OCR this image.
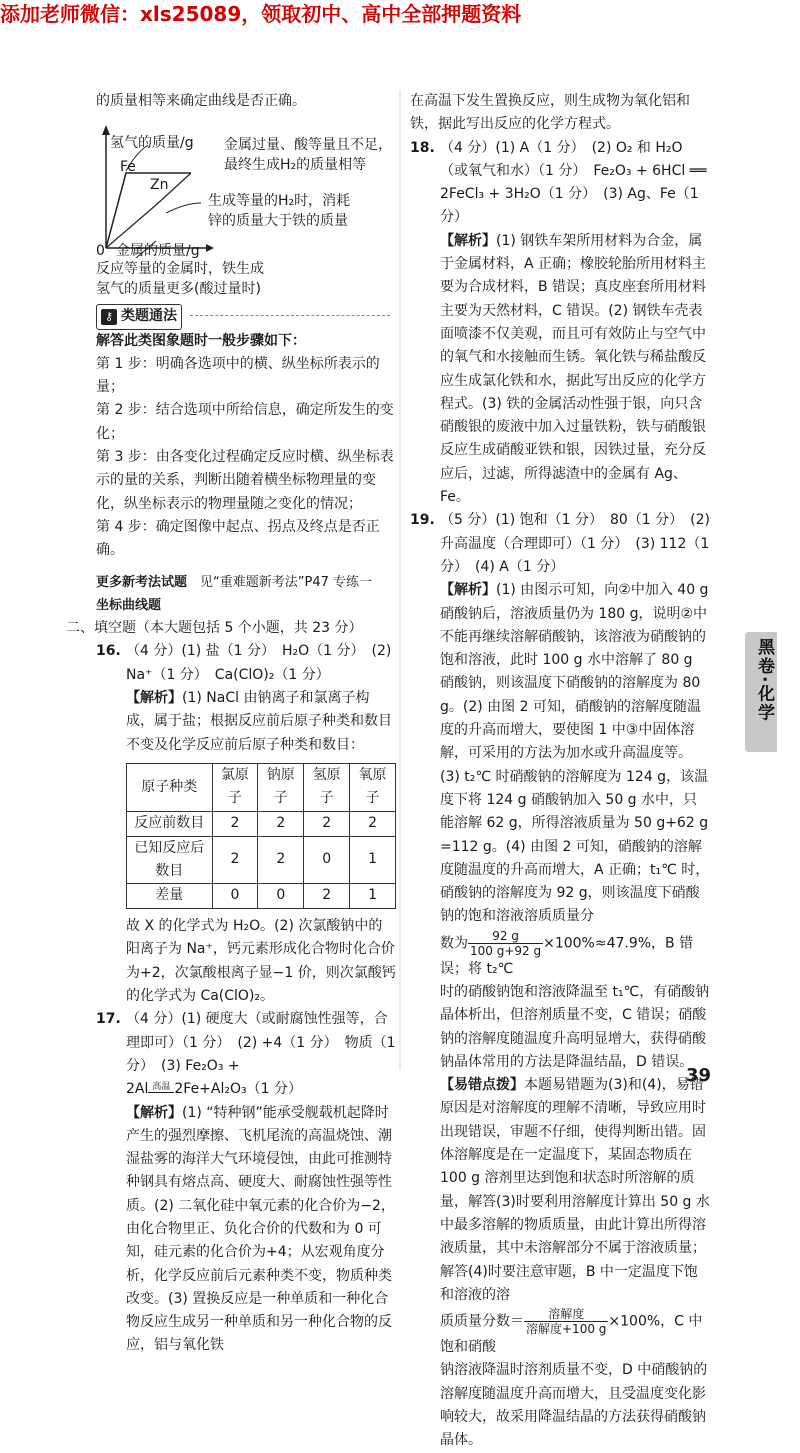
添加老师微信：xls25089，领取初中、高中全部押题资料

的质量相等来确定曲线是否正确。

氢气的质量/g
Fe
Zn
金属过量、酸等量且不足，
最终生成H₂的质量相等
生成等量的H₂时，消耗
锌的质量大于铁的质量
0 金属的质量/g
反应等量的金属时，铁生成
氢气的质量更多(酸过量时)
⚷ 类题通法

解答此类图象题时一般步骤如下：

第 1 步：明确各选项中的横、纵坐标所表示的量；

第 2 步：结合选项中所给信息，确定所发生的变化；

第 3 步：由各变化过程确定反应时横、纵坐标表示的量的关系，判断出随着横坐标物理量的变化，纵坐标表示的物理量随之变化的情况；

第 4 步：确定图像中起点、拐点及终点是否正确。

更多新考法试题　 见“重难题新考法”P47 专练一
坐标曲线题

二、填空题（本大题包括 5 个小题，共 23 分）

16. （4 分）(1) 盐（1 分）　H₂O（1 分）　(2) Na⁺（1 分）　Ca(ClO)₂（1 分）

【解析】(1) NaCl 由钠离子和氯离子构成，属于盐；根据反应前后原子种类和数目不变及化学反应前后原子种类和数目：

原子种类	氯原子	钠原子	氢原子	氧原子
反应前数目	2	2	2	2
已知反应后数目	2	2	0	1
差量	0	0	2	1

故 X 的化学式为 H₂O。(2) 次氯酸钠中的阳离子为 Na⁺，钙元素形成化合物时化合价为+2，次氯酸根离子显−1 价，则次氯酸钙的化学式为 Ca(ClO)₂。

17. （4 分）(1) 硬度大（或耐腐蚀性强等，合理即可）（1 分）　(2) +4（1 分）　物质（1 分）　(3) Fe₂O₃ +

2Al 高温 2Fe+Al₂O₃（1 分）

【解析】(1) “特种钢”能承受舰载机起降时产生的强烈摩擦、飞机尾流的高温烧蚀、潮湿盐雾的海洋大气环境侵蚀，由此可推测特种钢具有熔点高、硬度大、耐腐蚀性强等性质。(2) 二氧化硅中氧元素的化合价为−2，由化合物里正、负化合价的代数和为 0 可知，硅元素的化合价为+4；从宏观角度分析，化学反应前后元素种类不变，物质种类改变。(3) 置换反应是一种单质和一种化合物反应生成另一种单质和另一种化合物的反应，铝与氧化铁

在高温下发生置换反应，则生成物为氧化铝和铁，据此写出反应的化学方程式。

18. （4 分）(1) A（1 分）　(2) O₂ 和 H₂O（或氧气和水）（1 分）　Fe₂O₃ + 6HCl ══ 2FeCl₃ + 3H₂O（1 分）　(3) Ag、Fe（1 分）

【解析】(1) 钢铁车架所用材料为合金，属于金属材料，A 正确；橡胶轮胎所用材料主要为合成材料，B 错误；真皮座套所用材料主要为天然材料，C 错误。(2) 钢铁车壳表面喷漆不仅美观，而且可有效防止与空气中的氧气和水接触而生锈。氧化铁与稀盐酸反应生成氯化铁和水，据此写出反应的化学方程式。(3) 铁的金属活动性强于银，向只含硝酸银的废液中加入过量铁粉，铁与硝酸银反应生成硝酸亚铁和银，因铁过量，充分反应后，过滤，所得滤渣中的金属有 Ag、Fe。

19. （5 分）(1) 饱和（1 分）　80（1 分）　(2) 升高温度（合理即可）（1 分）　(3) 112（1 分）　(4) A（1 分）

【解析】(1) 由图示可知，向②中加入 40 g 硝酸钠后，溶液质量仍为 180 g，说明②中不能再继续溶解硝酸钠，该溶液为硝酸钠的饱和溶液，此时 100 g 水中溶解了 80 g 硝酸钠，则该温度下硝酸钠的溶解度为 80 g。(2) 由图 2 可知，硝酸钠的溶解度随温度的升高而增大，要使图 1 中③中固体溶解，可采用的方法为加水或升高温度等。(3) t₂℃ 时硝酸钠的溶解度为 124 g，该温度下将 124 g 硝酸钠加入 50 g 水中，只能溶解 62 g，所得溶液质量为 50 g+62 g =112 g。(4) 由图 2 可知，硝酸钠的溶解度随温度的升高而增大，A 正确；t₁℃ 时，硝酸钠的溶解度为 92 g，则该温度下硝酸钠的饱和溶液溶质质量分

数为 $\frac{92 g}{100 g+92 g} \times 100\%\approx 47.9\%$，B 错误；将 t₂℃

时的硝酸钠饱和溶液降温至 t₁℃，有硝酸钠晶体析出，但溶剂质量不变，C 错误；硝酸钠的溶解度随温度升高明显增大，获得硝酸钠晶体常用的方法是降温结晶，D 错误。

【易错点拨】本题易错题为(3)和(4)，易错原因是对溶解度的理解不清晰，导致应用时出现错误，审题不仔细，使得判断出错。固体溶解度是在一定温度下，某固态物质在 100 g 溶剂里达到饱和状态时所溶解的质量，解答(3)时要利用溶解度计算出 50 g 水中最多溶解的物质质量，由此计算出所得溶液质量，其中未溶解部分不属于溶液质量；解答(4)时要注意审题，B 中一定温度下饱和溶液的溶

质质量分数＝ $\frac{\text{溶解度}}{\text{溶解度+100 g}} \times 100\%$，C 中饱和硝酸

钠溶液降温时溶剂质量不变，D 中硝酸钠的溶解度随温度升高而增大，且受温度变化影响较大，故采用降温结晶的方法获得硝酸钠晶体。

黑卷·化学
39
